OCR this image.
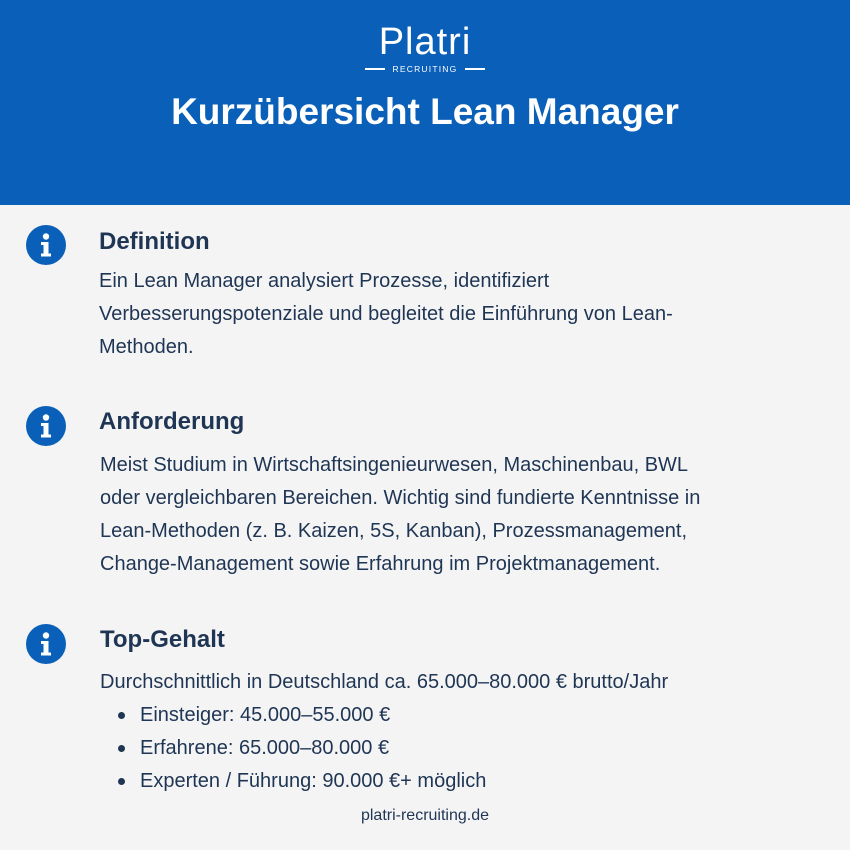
Platri
RECRUITING
Kurzübersicht Lean Manager
Definition
Ein Lean Manager analysiert Prozesse, identifiziert
Verbesserungspotenziale und begleitet die Einführung von Lean-
Methoden.
Anforderung
Meist Studium in Wirtschaftsingenieurwesen, Maschinenbau, BWL
oder vergleichbaren Bereichen. Wichtig sind fundierte Kenntnisse in
Lean-Methoden (z. B. Kaizen, 5S, Kanban), Prozessmanagement,
Change-Management sowie Erfahrung im Projektmanagement.
Top-Gehalt
Durchschnittlich in Deutschland ca. 65.000–80.000 € brutto/Jahr
Einsteiger: 45.000–55.000 €
Erfahrene: 65.000–80.000 €
Experten / Führung: 90.000 €+ möglich
platri-recruiting.de
